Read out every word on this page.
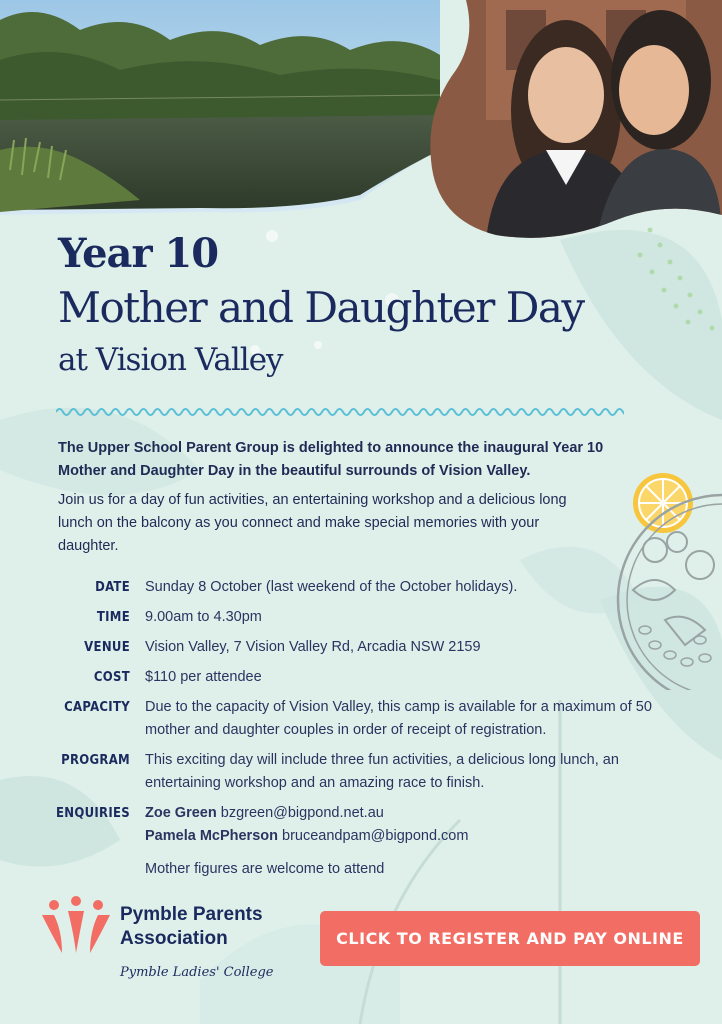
Year 10
Mother and Daughter Day
at Vision Valley

The Upper School Parent Group is delighted to announce the inaugural Year 10 Mother and Daughter Day in the beautiful surrounds of Vision Valley.

Join us for a day of fun activities, an entertaining workshop and a delicious long lunch on the balcony as you connect and make special memories with your daughter.

DATE Sunday 8 October (last weekend of the October holidays).
TIME 9.00am to 4.30pm
VENUE Vision Valley, 7 Vision Valley Rd, Arcadia NSW 2159
COST $110 per attendee
CAPACITY Due to the capacity of Vision Valley, this camp is available for a maximum of 50 mother and daughter couples in order of receipt of registration.
PROGRAM This exciting day will include three fun activities, a delicious long lunch, an entertaining workshop and an amazing race to finish.
ENQUIRIES Zoe Green bzgreen@bigpond.net.au
Pamela McPherson bruceandpam@bigpond.com
Mother figures are welcome to attend
Pymble Parents
Association
Pymble Ladies' College
CLICK TO REGISTER AND PAY ONLINE
